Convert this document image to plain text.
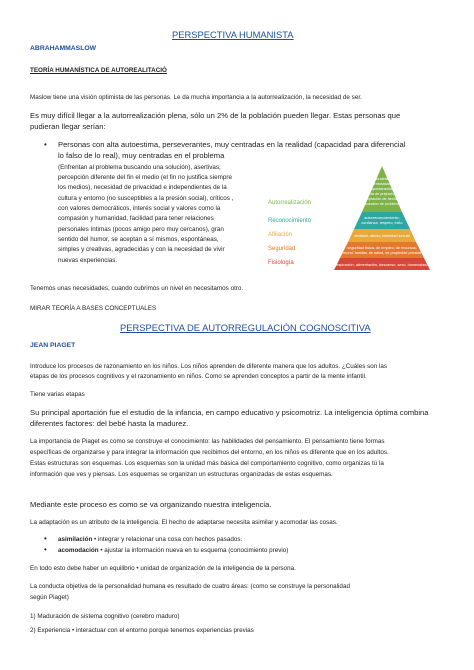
PERSPECTIVA HUMANISTA
ABRAHAMMASLOW
TEORÍA HUMANÍSTICA DE AUTOREALITACIÓ
Maslow tiene una visión optimista de las personas. Le da mucha importancia a la autorrealización, la necesidad de ser.
Es muy difícil llegar a la autorrealización plena, sólo un 2% de la población pueden llegar. Estas personas que
pudieran llegar serían:
• Personas con alta autoestima, perseverantes, muy centradas en la realidad (capacidad para diferencial
lo falso de lo real), muy centradas en el problema
(Enfrentan al problema buscando una solución), asertivas,
percepción diferente del fin el medio (el fin no justifica siempre
los medios), necesidad de privacidad e independientes de la
cultura y entorno (no susceptibles a la presión social), críticos ,
con valores democráticos, interés social y valores como la
compasión y humanidad, facilidad para tener relaciones
personales íntimas (pocos amigo pero muy cercanos), gran
sentido del humor, se aceptan a sí mismos, espontáneas,
simples y creativas, agradecidas y con la necesidad de vivir
nuevas experiencias.
Autorrealización
Reconocimiento
Afiliación
Seguridad
Fisiología
moralidad,
creatividad,
espontaneidad,
falta de prejuicios,
aceptación de hechos,
resolución de problemas
autorreconocimiento,
confianza, respeto, éxito
amistad, afecto, intimidad sexual
seguridad física, de empleo, de recursos,
moral, familiar, de salud, de propiedad privada
respiración, alimentación, descanso, sexo, homeostasis
Tenemos unas necesidades, cuando cubrimos un nivel en necesitamos otro.
MIRAR TEORÍA A BASES CONCEPTUALES
PERSPECTIVA DE AUTORREGULACIÓN COGNOSCITIVA
JEAN PIAGET
Introduce los procesos de razonamiento en los niños. Los niños aprenden de diferente manera que los adultos. ¿Cuáles son las
etapas de los procesos cognitivos y el razonamiento en niños. Como se aprenden conceptos a partir de la mente infantil.
Tiene varias etapas
Su principal aportación fue el estudio de la infancia, en campo educativo y psicomotriz. La inteligencia óptima combina
diferentes factores: del bebé hasta la madurez.
La importancia de Piaget es como se construye el conocimiento: las habilidades del pensamiento. El pensamiento tiene formas
específicas de organizarse y para integrar la información que recibimos del entorno, en los niños es diferente que en los adultos.
Estas estructuras son esquemas. Los esquemas son la unidad más básica del comportamiento cognitivo, como organizas tú la
información que ves y piensas. Los esquemas se organizan un estructuras organizadas de estas esquemas.
Mediante este proceso es como se va organizando nuestra inteligencia.
La adaptación es un atributo de la inteligencia. El hecho de adaptarse necesita asimilar y acomodar las cosas.
• asimilación • integrar y relacionar una cosa con hechos pasados.
• acomodación • ajustar la información nueva en tu esquema (conocimiento previo)
En todo esto debe haber un equilibrio • unidad de organización de la inteligencia de la persona.
La conducta objetiva de la personalidad humana es resultado de cuatro áreas: (como se construye la personalidad
según Piaget)
1) Maduración de sistema cognitivo (cerebro maduro)
2) Experiencia • interactuar con el entorno porque tenemos experiencias previas
